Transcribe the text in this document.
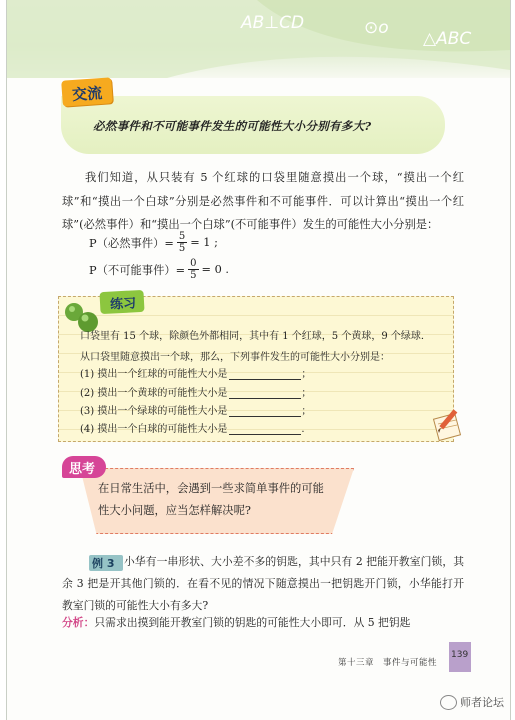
AB⊥CD	⊙o
△ABC
交流
必然事件和不可能事件发生的可能性大小分别有多大?
我们知道，从只装有 5 个红球的口袋里随意摸出一个球，“摸出一个红球”和“摸出一个白球”分别是必然事件和不可能事件．可以计算出“摸出一个红球”(必然事件）和“摸出一个白球”(不可能事件）发生的可能性大小分别是：
P（必然事件）= $\frac{5}{5} = 1$ ;
P（不可能事件）= $\frac{0}{5} = 0$ .
练习
口袋里有 15 个球，除颜色外都相同，其中有 1 个红球，5 个黄球，9 个绿球．
从口袋里随意摸出一个球，那么，下列事件发生的可能性大小分别是：
(1) 摸出一个红球的可能性大小是	；
(2) 摸出一个黄球的可能性大小是	；
(3) 摸出一个绿球的可能性大小是	；
(4) 摸出一个白球的可能性大小是	.
思考
在日常生活中，会遇到一些求简单事件的可能性大小问题，应当怎样解决呢?
小华有一串形状、大小差不多的钥匙，其中只有 2 把能开教室门锁，其余 3 把是开其他门锁的．在看不见的情况下随意摸出一把钥匙开门锁，小华能打开教室门锁的可能性大小有多大?
例 3
分析：只需求出摸到能开教室门锁的钥匙的可能性大小即可．从 5 把钥匙
第十三章　事件与可能性
139
师者论坛
